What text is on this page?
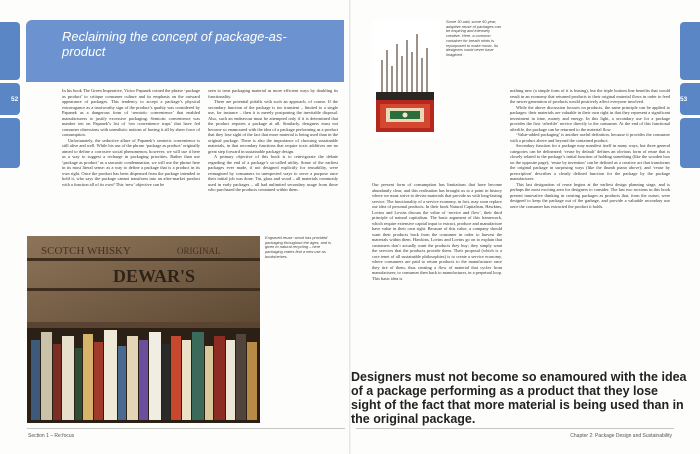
52	53
Reclaiming the concept of package-as-product

In his book The Green Imperative, Victor Papanek coined the phrase ‘package as product’ to critique consumer culture and its emphasis on the outward appearance of packages. This tendency to accept a package’s physical extravagance as a trustworthy sign of the product’s quality was considered by Papanek as a dangerous form of ‘semiotic convenience’ that enabled manufacturers to justify excessive packaging. Semiotic convenience was number ten on Papanek’s list of ‘ten convenience traps’ that have fed consumer obsessions with unrealistic notions of having it all by sheer force of consumption.

Unfortunately, the seductive allure of Papanek’s semiotic convenience is still alive and well. While his use of the phrase ‘package as product’ originally aimed to define a corrosive social phenomenon, however, we will use it here as a way to suggest a recharge in packaging priorities. Rather than use ‘package as product’ as a sarcastic condemnation, we will use the phrase here in its most literal sense: as a way to define a package that is a product in its own right. Once the product has been dispensed from the package intended to hold it, who says the package cannot transform into an after-market product with a function all of its own? This ‘new’ objective can be

seen to treat packaging material as more efficient ways by doubling its functionality.

There are potential pitfalls with such an approach, of course. If the secondary function of the package is too transient – limited to a single use, for instance – then it is merely postponing the inevitable disposal. Also, such an endeavour must be attempted only if it is determined that the product requires a package at all. Similarly, designers must not become so enamoured with the idea of a package performing as a product that they lose sight of the fact that more material is being used than in the original package. There is also the importance of choosing sustainable materials, in that secondary functions that require toxic additives are no great step forward in sustainable package design.

A primary objective of this book is to reinvigorate the debate regarding the end of a package’s so-called utility. Some of the earliest packages ever made, if not designed explicitly for reusability, were reimagined by consumers in unexpected ways to serve a purpose once their initial job was done. Tin, glass and wood – all materials commonly used in early packages – all had unlimited secondary usage from those who purchased the products contained within them.

Engraved reuse: wood has provided packaging throughout the ages, and is given to natural recycling – here packaging crates find a new use as bookshelves.
SCOTCH WHISKY	ORIGINAL
DEWAR'S
Section 1 – Re:focus
Some 30-odd, some 50-year, adaptive reuse of packages can be inspiring and intensely creative. Here, a common container for breath mints is repurposed to make music. Its designers could never have imagined.

Our present form of consumption has limitations that have become abundantly clear, and this realisation has brought us to a point in history where we must strive to devise materials that provide us with long-lasting service. The functionality of a service economy, in fact, may soon replace our idea of personal products. In their book Natural Capitalism, Hawkins, Lovins and Lovins discuss the value of ‘service and flow’, their third principle of natural capitalism. The basic argument of this framework, which require extensive capital input to extract, produce and manufacture have value in their own right. Because of this value, a company should want their products back from the consumer in order to harvest the materials within them. Hawkins, Lovins and Lovins go on to explain that customers don’t actually want the products they buy; they simply want the services that the products provide them. Their proposal (which is a core tenet of all sustainable philosophies) is to create a service economy, where consumers are paid to return products to the manufacturer once they tire of them, thus creating a flow of material that cycles from manufacturer, to consumer then back to manufacturer, in a perpetual loop. This basic idea is

nothing new (a simple form of it is leasing), but the triple bottom line benefits that would result in an economy that returned products to their original material flows in order to feed the newer generation of products would positively affect everyone involved.

While the above discussion focuses on products, the same principle can be applied to packages: their materials are valuable in their own right in that they represent a significant investment in time, money and energy. In this light, a secondary use for a package provides the first ‘afterlife’ service directly to the consumer. At the end of this functional afterlife, the package can be returned to the material flow.

‘Value-added packaging’ is another useful definition, because it provides the consumer with a product above and beyond the contained product.

Secondary function for a package may manifest itself in many ways, but three general categories can be delineated: ‘reuse by default’ defines an obvious form of reuse that is closely related to the package’s initial function of holding something (like the wooden box on the opposite page); ‘reuse by invention’ can be defined as a creative act that transforms the original package in surprising ways (like the thumb piano above); and ‘reuse by prescription’ describes a clearly defined function for the package by the package manufacturer.

This last designation of reuse begins at the earliest design planning stage, and is perhaps the most exciting area for designers to consider. The last two sections in this book present innovative thinking in creating packages as products that, from the outset, were designed to keep the package out of the garbage, and provide a valuable secondary use once the consumer has extracted the product it holds.

Designers must not become so enamoured with the idea of a package performing as a product that they lose sight of the fact that more material is being used than in the original package.
Chapter 2: Package Design and Sustainability
